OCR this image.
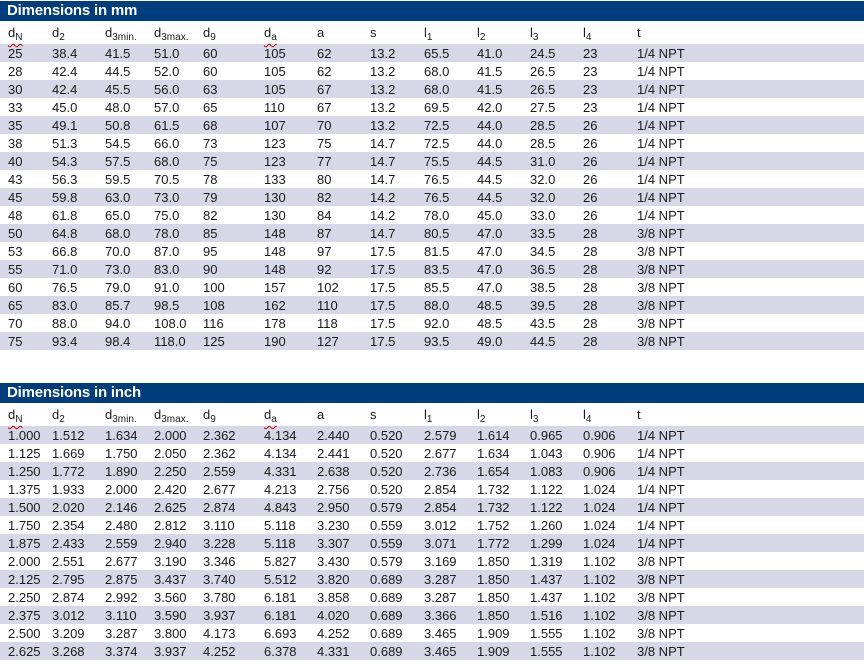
Dimensions in mm
$d_N$	$d_2$	$d_{3min.}$	$d_{3max.}$	$d_9$	$d_a$	a	s	$l_1$	$l_2$	$l_3$	$l_4$	t
25	38.4	41.5	51.0	60	105	62	13.2	65.5	41.0	24.5	23	1/4 NPT
28	42.4	44.5	52.0	60	105	62	13.2	68.0	41.5	26.5	23	1/4 NPT
30	42.4	45.5	56.0	63	105	67	13.2	68.0	41.5	26.5	23	1/4 NPT
33	45.0	48.0	57.0	65	110	67	13.2	69.5	42.0	27.5	23	1/4 NPT
35	49.1	50.8	61.5	68	107	70	13.2	72.5	44.0	28.5	26	1/4 NPT
38	51.3	54.5	66.0	73	123	75	14.7	72.5	44.0	28.5	26	1/4 NPT
40	54.3	57.5	68.0	75	123	77	14.7	75.5	44.5	31.0	26	1/4 NPT
43	56.3	59.5	70.5	78	133	80	14.7	76.5	44.5	32.0	26	1/4 NPT
45	59.8	63.0	73.0	79	130	82	14.2	76.5	44.5	32.0	26	1/4 NPT
48	61.8	65.0	75.0	82	130	84	14.2	78.0	45.0	33.0	26	1/4 NPT
50	64.8	68.0	78.0	85	148	87	14.7	80.5	47.0	33.5	28	3/8 NPT
53	66.8	70.0	87.0	95	148	97	17.5	81.5	47.0	34.5	28	3/8 NPT
55	71.0	73.0	83.0	90	148	92	17.5	83.5	47.0	36.5	28	3/8 NPT
60	76.5	79.0	91.0	100	157	102	17.5	85.5	47.0	38.5	28	3/8 NPT
65	83.0	85.7	98.5	108	162	110	17.5	88.0	48.5	39.5	28	3/8 NPT
70	88.0	94.0	108.0	116	178	118	17.5	92.0	48.5	43.5	28	3/8 NPT
75	93.4	98.4	118.0	125	190	127	17.5	93.5	49.0	44.5	28	3/8 NPT
Dimensions in inch
$d_N$	$d_2$	$d_{3min.}$	$d_{3max.}$	$d_9$	$d_a$	a	s	$l_1$	$l_2$	$l_3$	$l_4$	t
1.000	1.512	1.634	2.000	2.362	4.134	2.440	0.520	2.579	1.614	0.965	0.906	1/4 NPT
1.125	1.669	1.750	2.050	2.362	4.134	2.441	0.520	2.677	1.634	1.043	0.906	1/4 NPT
1.250	1.772	1.890	2.250	2.559	4.331	2.638	0.520	2.736	1.654	1.083	0.906	1/4 NPT
1.375	1.933	2.000	2.420	2.677	4.213	2.756	0.520	2.854	1.732	1.122	1.024	1/4 NPT
1.500	2.020	2.146	2.625	2.874	4.843	2.950	0.579	2.854	1.732	1.122	1.024	1/4 NPT
1.750	2.354	2.480	2.812	3.110	5.118	3.230	0.559	3.012	1.752	1.260	1.024	1/4 NPT
1.875	2.433	2.559	2.940	3.228	5.118	3.307	0.559	3.071	1.772	1.299	1.024	1/4 NPT
2.000	2.551	2.677	3.190	3.346	5.827	3.430	0.579	3.169	1.850	1.319	1.102	3/8 NPT
2.125	2.795	2.875	3.437	3.740	5.512	3.820	0.689	3.287	1.850	1.437	1.102	3/8 NPT
2.250	2.874	2.992	3.560	3.780	6.181	3.858	0.689	3.287	1.850	1.437	1.102	3/8 NPT
2.375	3.012	3.110	3.590	3.937	6.181	4.020	0.689	3.366	1.850	1.516	1.102	3/8 NPT
2.500	3.209	3.287	3.800	4.173	6.693	4.252	0.689	3.465	1.909	1.555	1.102	3/8 NPT
2.625	3.268	3.374	3.937	4.252	6.378	4.331	0.689	3.465	1.909	1.555	1.102	3/8 NPT
